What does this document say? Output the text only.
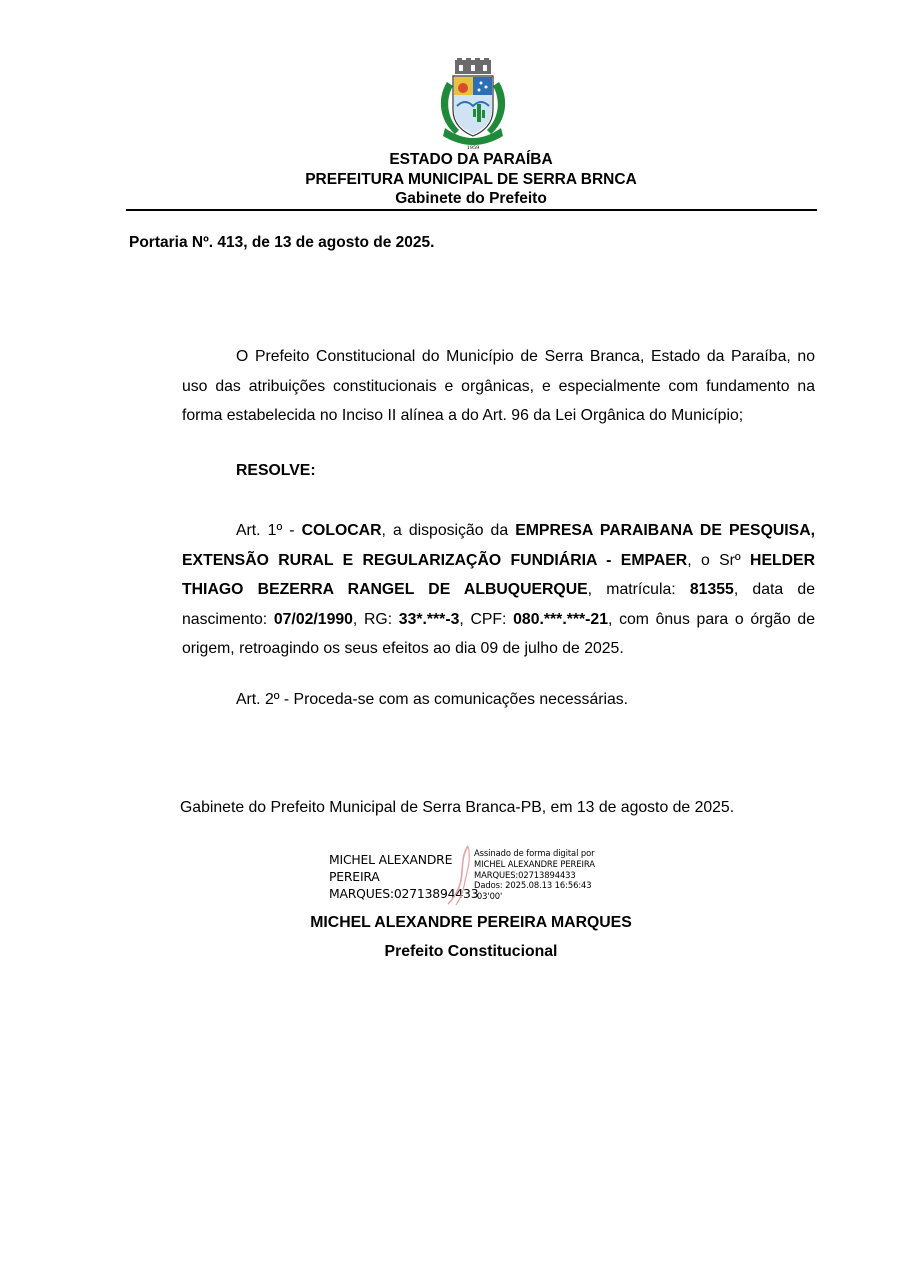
1959
ESTADO DA PARAÍBA
PREFEITURA MUNICIPAL DE SERRA BRNCA
Gabinete do Prefeito
Portaria Nº. 413, de 13 de agosto de 2025.

O Prefeito Constitucional do Município de Serra Branca, Estado da Paraíba, no uso das atribuições constitucionais e orgânicas, e especialmente com fundamento na forma estabelecida no Inciso II alínea a do Art. 96 da Lei Orgânica do Município;

RESOLVE:

Art. 1º - COLOCAR, a disposição da EMPRESA PARAIBANA DE PESQUISA, EXTENSÃO RURAL E REGULARIZAÇÃO FUNDIÁRIA - EMPAER, o Srº HELDER THIAGO BEZERRA RANGEL DE ALBUQUERQUE, matrícula: 81355, data de nascimento: 07/02/1990, RG: 33*.***-3, CPF: 080.***.***-21, com ônus para o órgão de origem, retroagindo os seus efeitos ao dia 09 de julho de 2025.

Art. 2º - Proceda-se com as comunicações necessárias.
Gabinete do Prefeito Municipal de Serra Branca-PB, em 13 de agosto de 2025.
MICHEL ALEXANDRE
PEREIRA
MARQUES:02713894433
Assinado de forma digital por
MICHEL ALEXANDRE PEREIRA
MARQUES:02713894433
Dados: 2025.08.13 16:56:43
-03'00'
MICHEL ALEXANDRE PEREIRA MARQUES
Prefeito Constitucional
